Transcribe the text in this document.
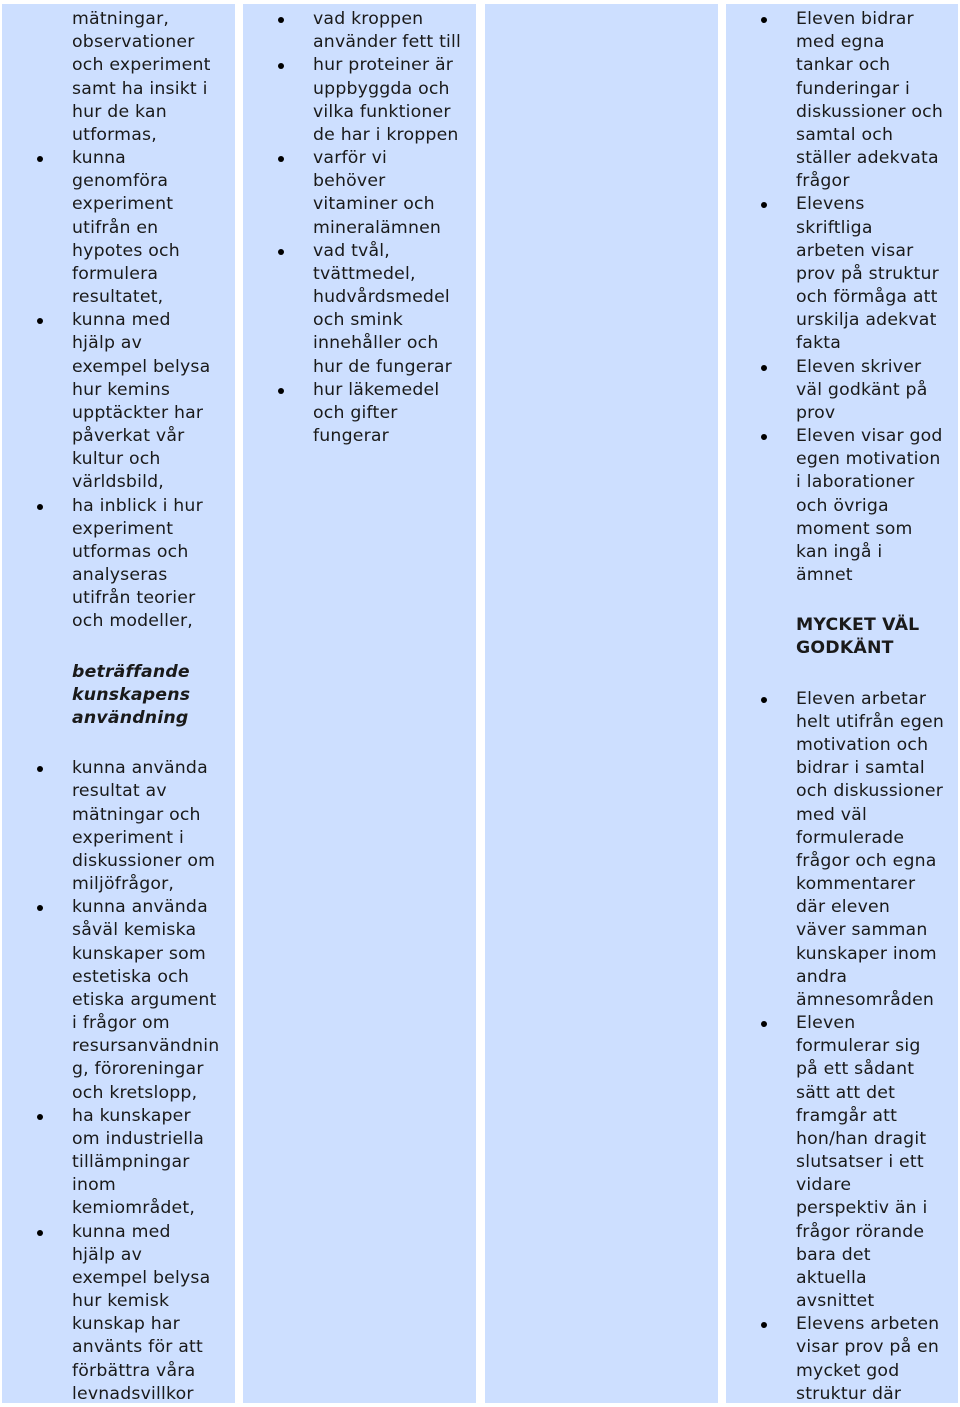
mätningar,
observationer
och experiment
samt ha insikt i
hur de kan
utformas,
kunna
genomföra
experiment
utifrån en
hypotes och
formulera
resultatet,
kunna med
hjälp av
exempel belysa
hur kemins
upptäckter har
påverkat vår
kultur och
världsbild,
ha inblick i hur
experiment
utformas och
analyseras
utifrån teorier
och modeller,
beträffande
kunskapens
användning
kunna använda
resultat av
mätningar och
experiment i
diskussioner om
miljöfrågor,
kunna använda
såväl kemiska
kunskaper som
estetiska och
etiska argument
i frågor om
resursanvändnin
g, föroreningar
och kretslopp,
ha kunskaper
om industriella
tillämpningar
inom
kemiområdet,
kunna med
hjälp av
exempel belysa
hur kemisk
kunskap har
använts för att
förbättra våra
levnadsvillkor
vad kroppen
använder fett till
hur proteiner är
uppbyggda och
vilka funktioner
de har i kroppen
varför vi
behöver
vitaminer och
mineralämnen
vad tvål,
tvättmedel,
hudvårdsmedel
och smink
innehåller och
hur de fungerar
hur läkemedel
och gifter
fungerar
Eleven bidrar
med egna
tankar och
funderingar i
diskussioner och
samtal och
ställer adekvata
frågor
Elevens
skriftliga
arbeten visar
prov på struktur
och förmåga att
urskilja adekvat
fakta
Eleven skriver
väl godkänt på
prov
Eleven visar god
egen motivation
i laborationer
och övriga
moment som
kan ingå i
ämnet
MYCKET VÄL
GODKÄNT
Eleven arbetar
helt utifrån egen
motivation och
bidrar i samtal
och diskussioner
med väl
formulerade
frågor och egna
kommentarer
där eleven
väver samman
kunskaper inom
andra
ämnesområden
Eleven
formulerar sig
på ett sådant
sätt att det
framgår att
hon/han dragit
slutsatser i ett
vidare
perspektiv än i
frågor rörande
bara det
aktuella
avsnittet
Elevens arbeten
visar prov på en
mycket god
struktur där
